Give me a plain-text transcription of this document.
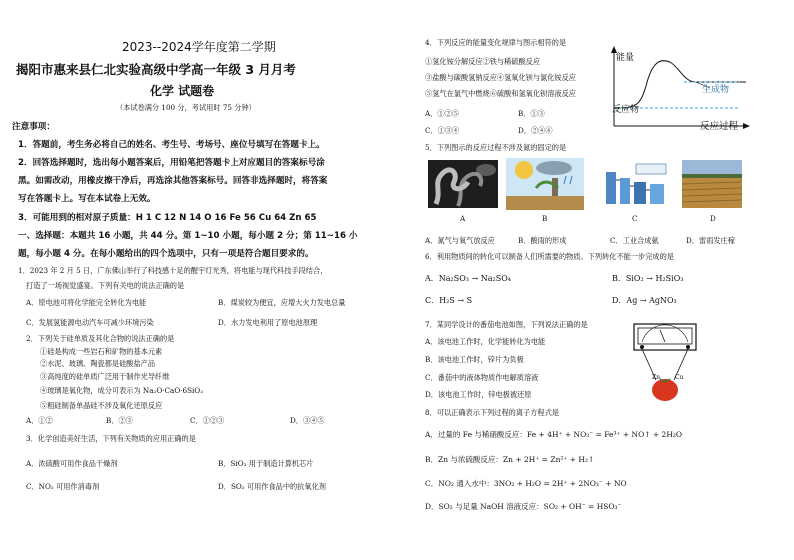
2023--2024学年度第二学期
揭阳市惠来县仁北实验高级中学高一年级 3 月月考
化学 试题卷
（本试卷满分 100 分，考试用时 75 分钟）
注意事项：
1．答题前，考生务必将自己的姓名、考生号、考场号、座位号填写在答题卡上。
2．回答选择题时，选出每小题答案后，用铅笔把答题卡上对应题目的答案标号涂
黑。如需改动，用橡皮擦干净后，再选涂其他答案标号。回答非选择题时，将答案
写在答题卡上。写在本试卷上无效。
3．可能用到的相对原子质量：H 1 C 12 N 14 O 16 Fe 56 Cu 64 Zn 65
一、选择题：本题共 16 小题，共 44 分。第 1~10 小题，每小题 2 分；第 11~16 小
题，每小题 4 分。在每小题给出的四个选项中，只有一项是符合题目要求的。
1．2023 年 2 月 5 日，广东佛山举行了科技感十足的醒宇灯光秀，将电能与现代科技手段结合，
打造了一场视觉盛宴。下列有关电的说法正确的是
A．原电池可将化学能完全转化为电能	B．煤炭较为便宜，应增大火力发电总量
C．发展氢能源电动汽车可减少环境污染	D．水力发电利用了原电池原理
2．下列关于硅单质及其化合物的说法正确的是
①硅是构成一些岩石和矿物的基本元素
②水泥、玻璃、陶瓷都是硅酸盐产品
③高纯度的硅单质广泛用于制作光导纤维
④玻璃是氧化物，成分可表示为 Na₂O·CaO·6SiO₂
⑤粗硅制备单晶硅不涉及氧化还原反应
A．①②	B．②③	C．①②③	D．③④⑤
3．化学创造美好生活，下列有关物质的应用正确的是
A．浓硫酸可用作食品干燥剂	B．SiO₂ 用于制造计算机芯片
C．NO₂ 可用作消毒剂	D．SO₂ 可用作食品中的抗氧化剂
4．下列反应的能量变化规律与图示相符的是
①氢化铵分解反应②铁与稀硫酸反应
③盐酸与碳酸氢钠反应④氢氧化钡与氯化铵反应
⑤氢气在氯气中燃烧⑥硫酸和氢氧化钡溶液反应
A．①②⑤	B．①③
C．①③④	D．②④⑥
能量
生成物
反应物
反应过程
5．下列图示的反应过程不涉及氮的固定的是
A	B	C	D
A．氮气与氧气放反应	B．酸雨的形成	C．工业合成氨	D．雷雨发庄稼
6．利用物质间的转化可以制备人们所需要的物质。下列转化不能一步完成的是
A．Na₂SO₃ → Na₂SO₄	B．SiO₂ → H₂SiO₃
C．H₂S → S	D．Ag → AgNO₃
7．某同学设计的番茄电池如图，下列说法正确的是
A．该电池工作时，化学能转化为电能
B．该电池工作时，锌片为负极
C．番茄中的液体物质作电解质溶液
D．该电池工作时，锌电极被还原
Zn Cu
8．可以正确表示下列过程的离子方程式是
A．过量的 Fe 与稀硝酸反应：Fe + 4H⁺ + NO₃⁻ = Fe³⁺ + NO↑ + 2H₂O
B．Zn 与浓硫酸反应：Zn + 2H⁺ = Zn²⁺ + H₂↑
C．NO₂ 通入水中：3NO₂ + H₂O = 2H⁺ + 2NO₃⁻ + NO
D．SO₂ 与足量 NaOH 溶液反应：SO₂ + OH⁻ = HSO₃⁻
